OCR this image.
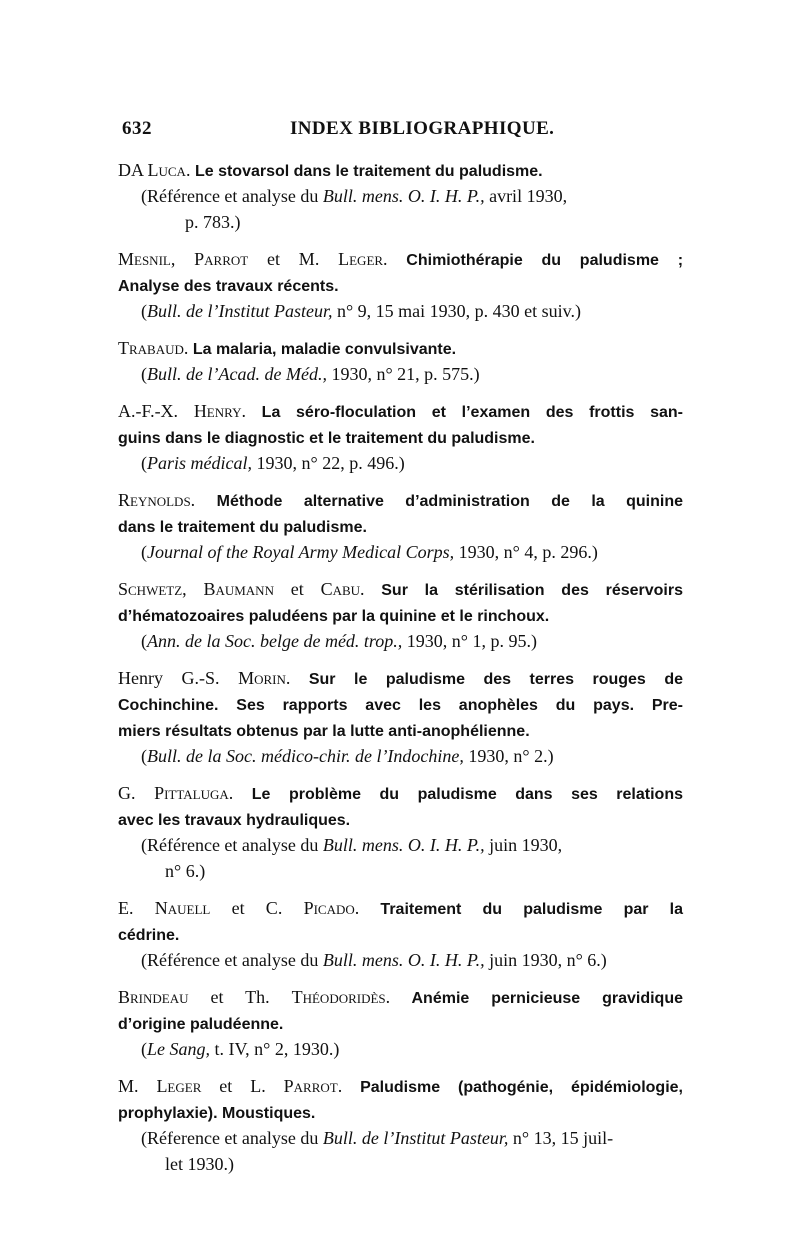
632	INDEX BIBLIOGRAPHIQUE.
DA Luca. Le stovarsol dans le traitement du paludisme.
(Référence et analyse du Bull. mens. O. I. H. P., avril 1930,
p. 783.)
Mesnil, Parrot et M. Leger. Chimiothérapie du paludisme ;
Analyse des travaux récents.
(Bull. de l’Institut Pasteur, n° 9, 15 mai 1930, p. 430 et suiv.)
Trabaud. La malaria, maladie convulsivante.
(Bull. de l’Acad. de Méd., 1930, n° 21, p. 575.)
A.-F.-X. Henry. La séro-floculation et l’examen des frottis san-
guins dans le diagnostic et le traitement du paludisme.
(Paris médical, 1930, n° 22, p. 496.)
Reynolds. Méthode alternative d’administration de la quinine
dans le traitement du paludisme.
(Journal of the Royal Army Medical Corps, 1930, n° 4, p. 296.)
Schwetz, Baumann et Cabu. Sur la stérilisation des réservoirs
d’hématozoaires paludéens par la quinine et le rinchoux.
(Ann. de la Soc. belge de méd. trop., 1930, n° 1, p. 95.)
Henry G.-S. Morin. Sur le paludisme des terres rouges de
Cochinchine. Ses rapports avec les anophèles du pays. Pre-
miers résultats obtenus par la lutte anti-anophélienne.
(Bull. de la Soc. médico-chir. de l’Indochine, 1930, n° 2.)
G. Pittaluga. Le problème du paludisme dans ses relations
avec les travaux hydrauliques.
(Référence et analyse du Bull. mens. O. I. H. P., juin 1930,
n° 6.)
E. Nauell et C. Picado. Traitement du paludisme par la
cédrine.
(Référence et analyse du Bull. mens. O. I. H. P., juin 1930, n° 6.)
Brindeau et Th. Théodoridès. Anémie pernicieuse gravidique
d’origine paludéenne.
(Le Sang, t. IV, n° 2, 1930.)
M. Leger et L. Parrot. Paludisme (pathogénie, épidémiologie,
prophylaxie). Moustiques.
(Réference et analyse du Bull. de l’Institut Pasteur, n° 13, 15 juil-
let 1930.)
